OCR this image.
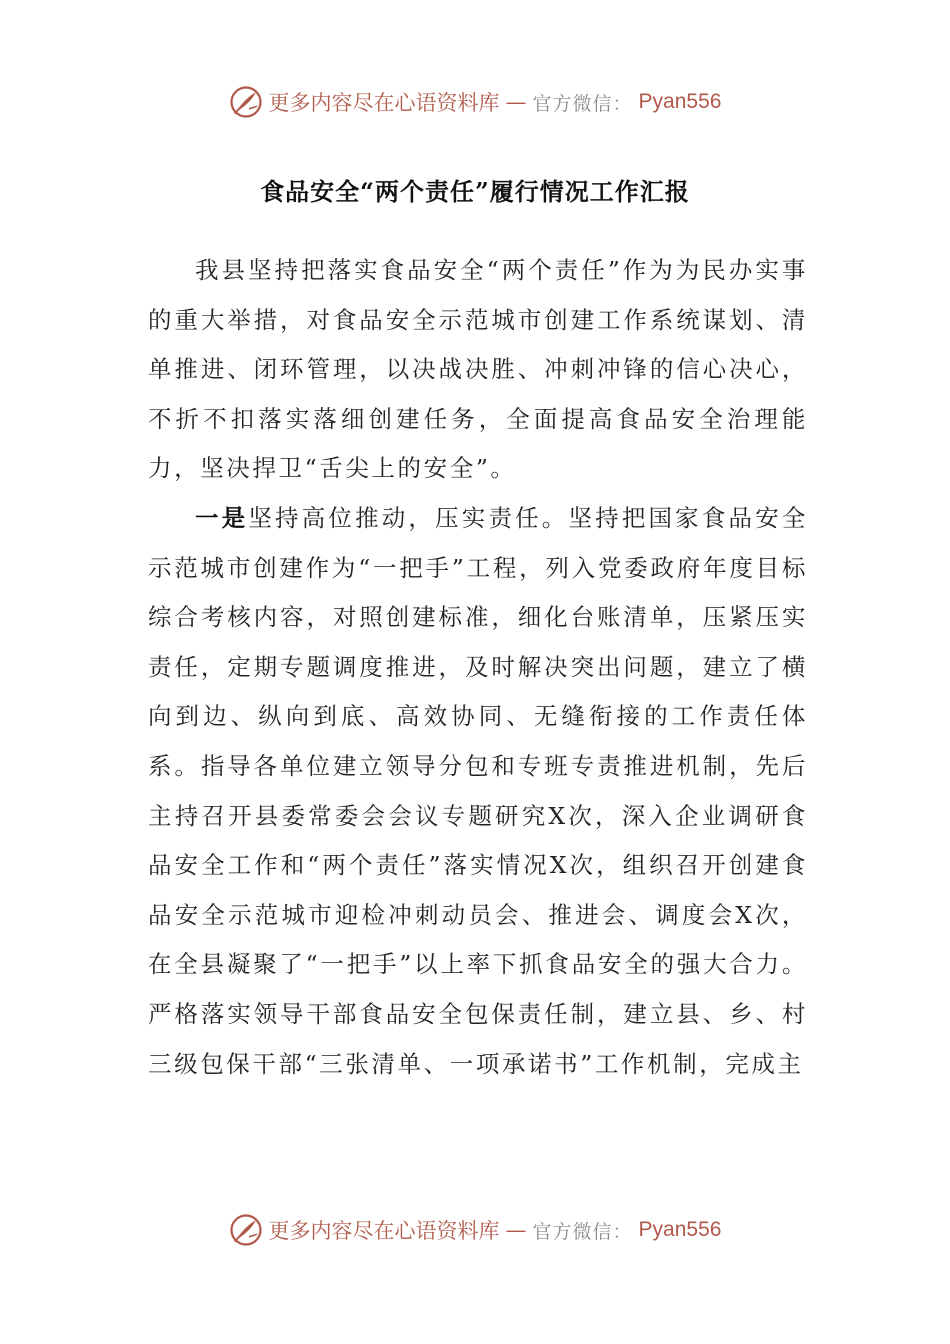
更多内容尽在心语资料库 — 官方微信： Pyan556
食品安全“两个责任”履行情况工作汇报

我县坚持把落实食品安全“两个责任”作为为民办实事的重大举措，对食品安全示范城市创建工作系统谋划、清单推进、闭环管理，以决战决胜、冲刺冲锋的信心决心，不折不扣落实落细创建任务，全面提高食品安全治理能力，坚决捍卫“舌尖上的安全”。

一是坚持高位推动，压实责任。坚持把国家食品安全示范城市创建作为“一把手”工程，列入党委政府年度目标综合考核内容，对照创建标准，细化台账清单，压紧压实责任，定期专题调度推进，及时解决突出问题，建立了横向到边、纵向到底、高效协同、无缝衔接的工作责任体系。指导各单位建立领导分包和专班专责推进机制，先后主持召开县委常委会会议专题研究X次，深入企业调研食品安全工作和“两个责任”落实情况X次，组织召开创建食品安全示范城市迎检冲刺动员会、推进会、调度会X次，在全县凝聚了“一把手”以上率下抓食品安全的强大合力。严格落实领导干部食品安全包保责任制，建立县、乡、村三级包保干部“三张清单、一项承诺书”工作机制，完成主

更多内容尽在心语资料库 — 官方微信： Pyan556
